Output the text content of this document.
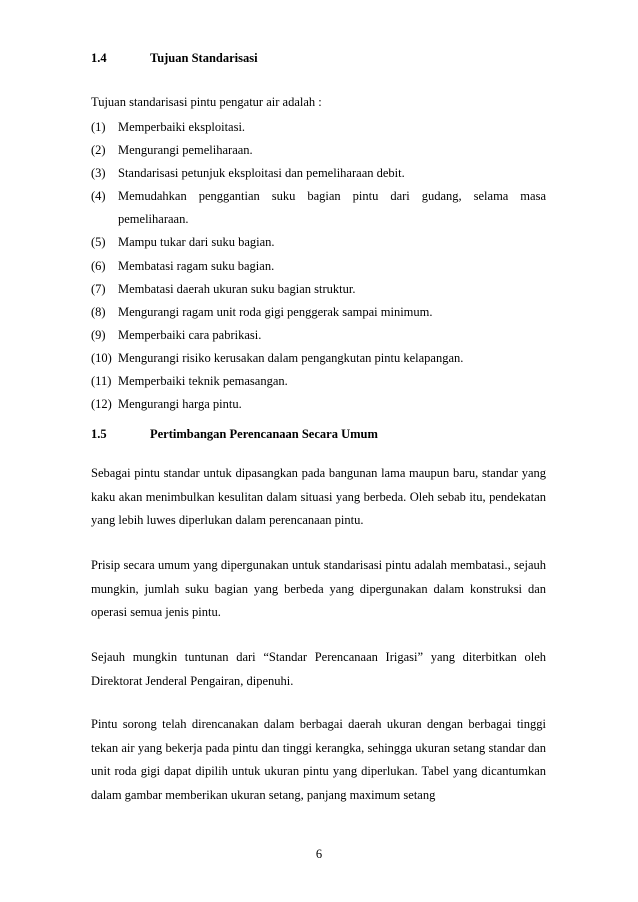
1.4	Tujuan Standarisasi
Tujuan standarisasi pintu pengatur air adalah :
(1) Memperbaiki eksploitasi.
(2) Mengurangi pemeliharaan.
(3) Standarisasi petunjuk eksploitasi dan pemeliharaan debit.
(4) Memudahkan penggantian suku bagian pintu dari gudang, selama masa pemeliharaan.
(5) Mampu tukar dari suku bagian.
(6) Membatasi ragam suku bagian.
(7) Membatasi daerah ukuran suku bagian struktur.
(8) Mengurangi ragam unit roda gigi penggerak sampai minimum.
(9) Memperbaiki cara pabrikasi.
(10) Mengurangi risiko kerusakan dalam pengangkutan pintu kelapangan.
(11) Memperbaiki teknik pemasangan.
(12) Mengurangi harga pintu.
1.5	Pertimbangan Perencanaan Secara Umum

Sebagai pintu standar untuk dipasangkan pada bangunan lama maupun baru, standar yang kaku akan menimbulkan kesulitan dalam situasi yang berbeda. Oleh sebab itu, pendekatan yang lebih luwes diperlukan dalam perencanaan pintu.

Prisip secara umum yang dipergunakan untuk standarisasi pintu adalah membatasi., sejauh mungkin, jumlah suku bagian yang berbeda yang dipergunakan dalam konstruksi dan operasi semua jenis pintu.

Sejauh mungkin tuntunan dari “Standar Perencanaan Irigasi” yang diterbitkan oleh Direktorat Jenderal Pengairan, dipenuhi.

Pintu sorong telah direncanakan dalam berbagai daerah ukuran dengan berbagai tinggi tekan air yang bekerja pada pintu dan tinggi kerangka, sehingga ukuran setang standar dan unit roda gigi dapat dipilih untuk ukuran pintu yang diperlukan. Tabel yang dicantumkan dalam gambar memberikan ukuran setang, panjang maximum setang

6
